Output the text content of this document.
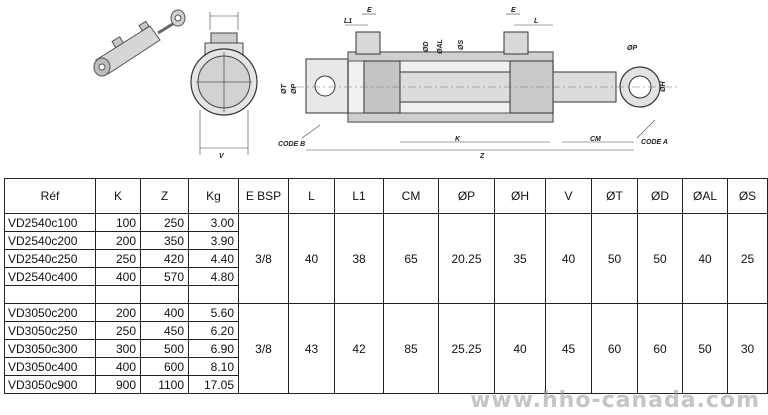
E
L1
E
L
ØD ØAL ØS	ØP
ØH
ØT ØP
CODE B	CODE A
K	CM
Z
V
Réf	K	Z	Kg	E BSP	L	L1	CM	ØP	ØH	V	ØT	ØD	ØAL	ØS
VD2540c100	100	250	3.00	3/8	40	38	65	20.25	35	40	50	50	40	25
VD2540c200	200	350	3.90											
VD2540c250	250	420	4.40											
VD2540c400	400	570	4.80											

VD3050c200	200	400	5.60	3/8	43	42	85	25.25	40	45	60	60	50	30
VD3050c250	250	450	6.20											
VD3050c300	300	500	6.90											
VD3050c400	400	600	8.10											
VD3050c900	900	1100	17.05											
www.hho-canada.com
